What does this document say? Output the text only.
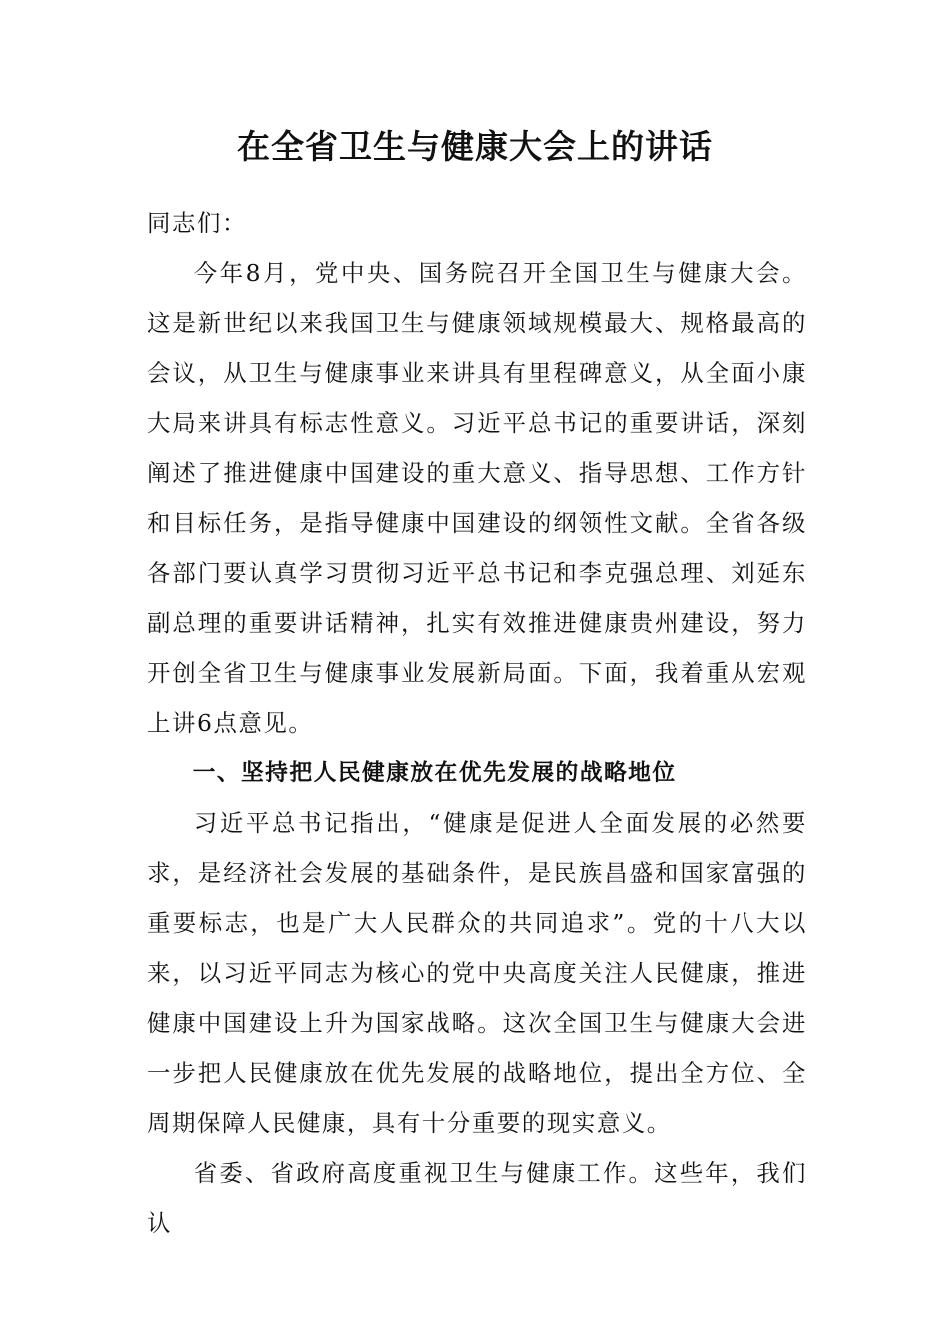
在全省卫生与健康大会上的讲话

同志们：

今年8月，党中央、国务院召开全国卫生与健康大会。这是新世纪以来我国卫生与健康领域规模最大、规格最高的会议，从卫生与健康事业来讲具有里程碑意义，从全面小康大局来讲具有标志性意义。习近平总书记的重要讲话，深刻阐述了推进健康中国建设的重大意义、指导思想、工作方针和目标任务，是指导健康中国建设的纲领性文献。全省各级各部门要认真学习贯彻习近平总书记和李克强总理、刘延东副总理的重要讲话精神，扎实有效推进健康贵州建设，努力开创全省卫生与健康事业发展新局面。下面，我着重从宏观上讲6点意见。

一、坚持把人民健康放在优先发展的战略地位

习近平总书记指出，“健康是促进人全面发展的必然要求，是经济社会发展的基础条件，是民族昌盛和国家富强的重要标志，也是广大人民群众的共同追求”。党的十八大以来，以习近平同志为核心的党中央高度关注人民健康，推进健康中国建设上升为国家战略。这次全国卫生与健康大会进一步把人民健康放在优先发展的战略地位，提出全方位、全周期保障人民健康，具有十分重要的现实意义。

省委、省政府高度重视卫生与健康工作。这些年，我们认
